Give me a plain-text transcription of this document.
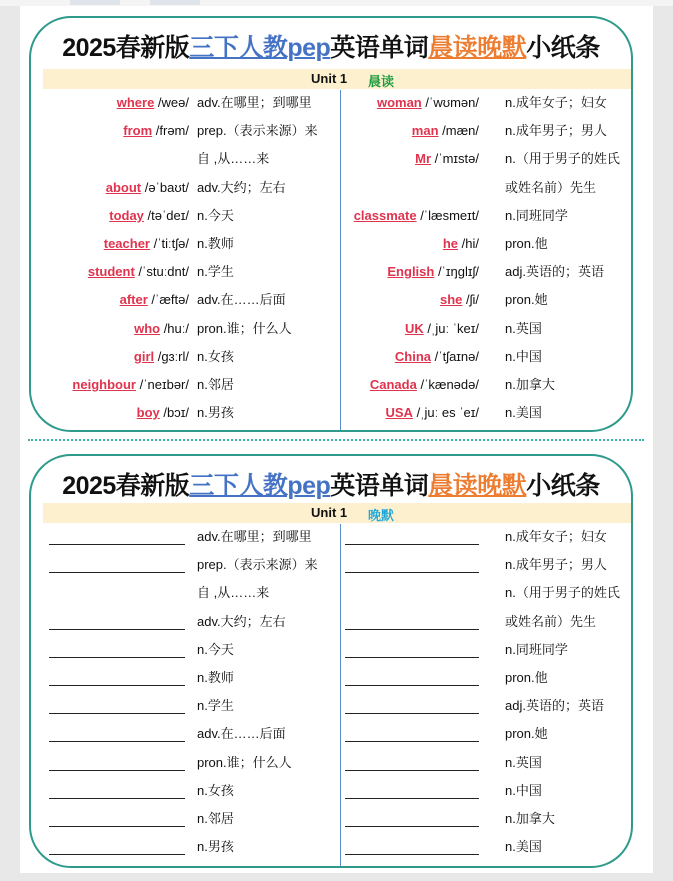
2025春新版三下人教pep英语单词晨读晚默小纸条
Unit 1 晨读
where /weə/ adv.在哪里；到哪里
from /frəm/ prep.（表示来源）来
自 ,从……来
about /əˈbaʊt/ adv.大约；左右
today /təˈdeɪ/ n.今天
teacher /ˈtiːtʃə/ n.教师
student /ˈstuːdnt/ n.学生
after /ˈæftə/ adv.在……后面
who /huː/ pron.谁；什么人
girl /gɜːrl/ n.女孩
neighbour /ˈneɪbər/ n.邻居
boy /bɔɪ/ n.男孩
woman /ˈwʊmən/ n.成年女子；妇女
man /mæn/ n.成年男子；男人
Mr /ˈmɪstə/ n.（用于男子的姓氏
或姓名前）先生
classmate /ˈlæsmeɪt/ n.同班同学
he /hi/ pron.他
English /ˈɪŋglɪʃ/ adj.英语的；英语
she /ʃi/ pron.她
UK /ˌjuː ˈkeɪ/ n.英国
China /ˈtʃaɪnə/ n.中国
Canada /ˈkænədə/ n.加拿大
USA /ˌjuː es ˈeɪ/ n.美国
2025春新版三下人教pep英语单词晨读晚默小纸条
Unit 1 晚默
adv.在哪里；到哪里
prep.（表示来源）来
自 ,从……来
adv.大约；左右
n.今天
n.教师
n.学生
adv.在……后面
pron.谁；什么人
n.女孩
n.邻居
n.男孩
n.成年女子；妇女
n.成年男子；男人
n.（用于男子的姓氏
或姓名前）先生
n.同班同学
pron.他
adj.英语的；英语
pron.她
n.英国
n.中国
n.加拿大
n.美国
